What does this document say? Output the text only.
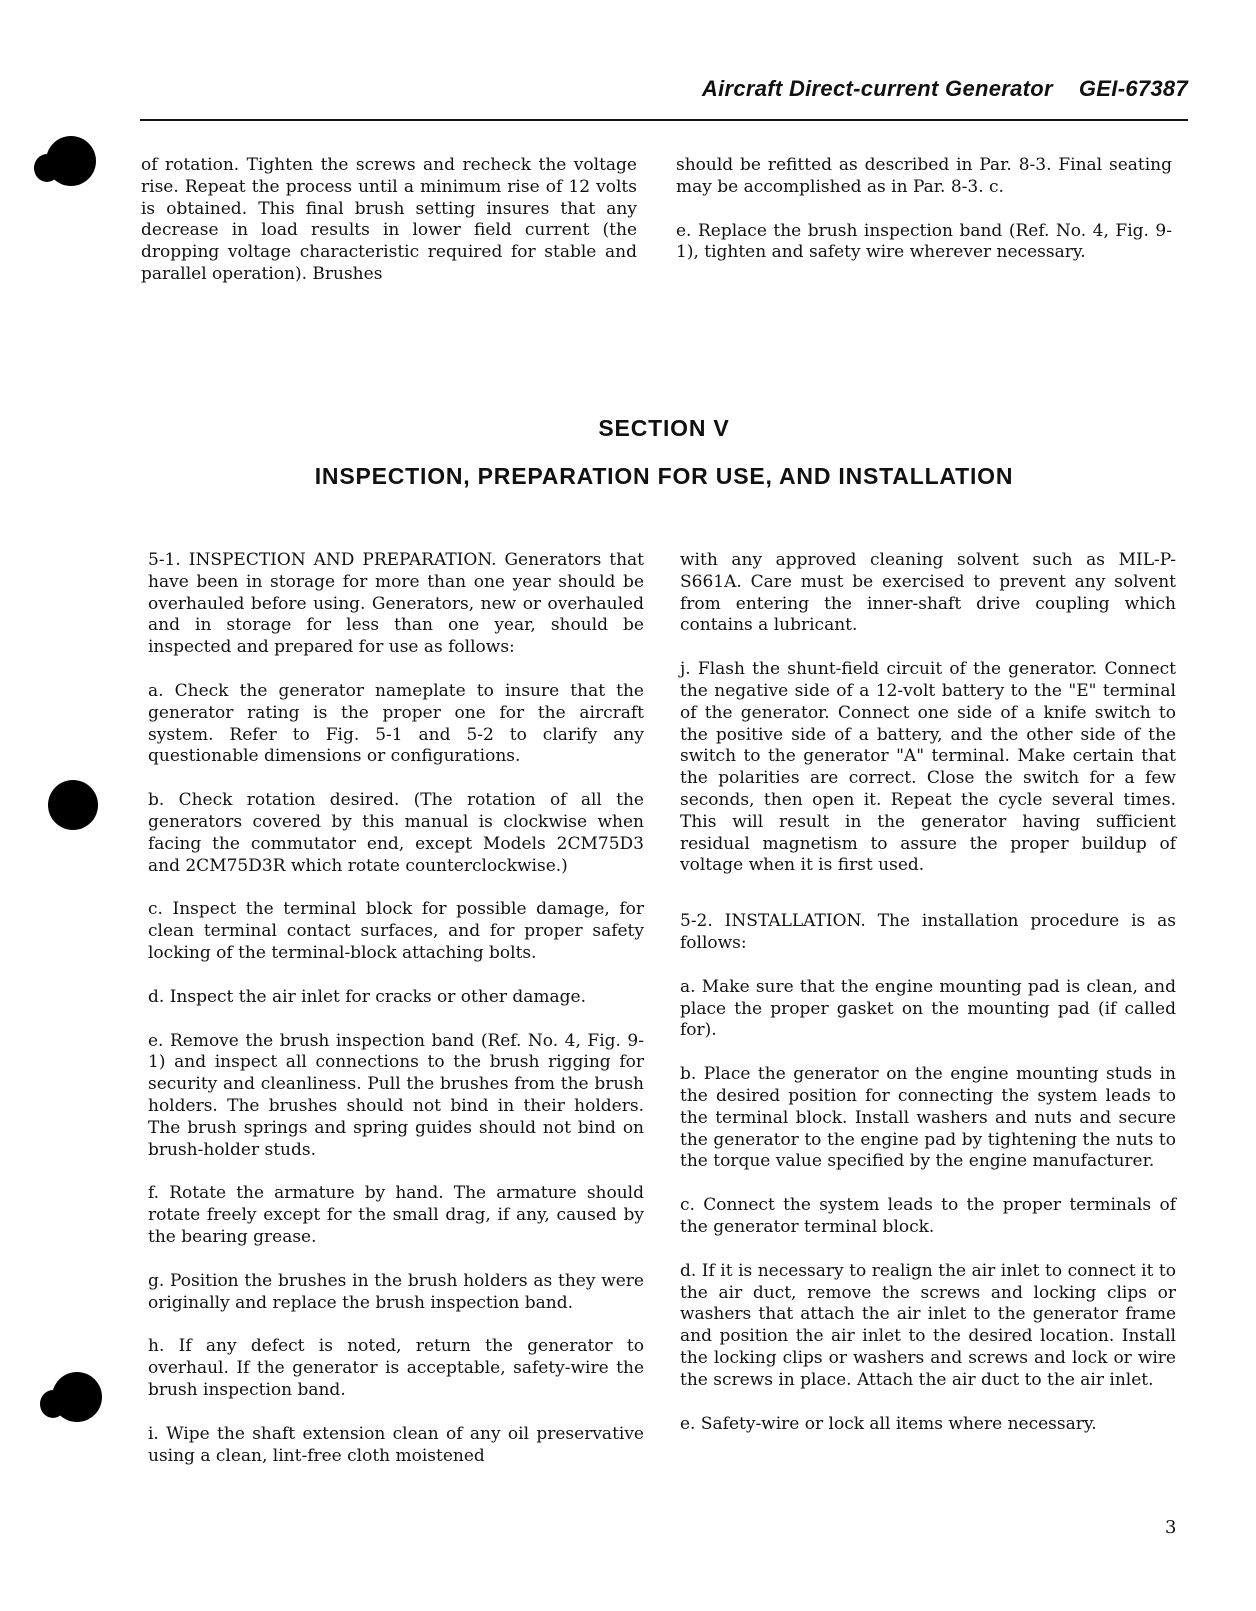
Aircraft Direct-current Generator GEI-67387

of rotation. Tighten the screws and recheck the voltage rise. Repeat the process until a minimum rise of 12 volts is obtained. This final brush setting insures that any decrease in load results in lower field current (the dropping voltage characteristic required for stable and parallel operation). Brushes

should be refitted as described in Par. 8-3. Final seating may be accomplished as in Par. 8-3. c.

e. Replace the brush inspection band (Ref. No. 4, Fig. 9-1), tighten and safety wire wherever necessary.

SECTION V
INSPECTION, PREPARATION FOR USE, AND INSTALLATION

5-1. INSPECTION AND PREPARATION. Generators that have been in storage for more than one year should be overhauled before using. Generators, new or overhauled and in storage for less than one year, should be inspected and prepared for use as follows:

a. Check the generator nameplate to insure that the generator rating is the proper one for the aircraft system. Refer to Fig. 5-1 and 5-2 to clarify any questionable dimensions or configurations.

b. Check rotation desired. (The rotation of all the generators covered by this manual is clockwise when facing the commutator end, except Models 2CM75D3 and 2CM75D3R which rotate counterclockwise.)

c. Inspect the terminal block for possible damage, for clean terminal contact surfaces, and for proper safety locking of the terminal-block attaching bolts.

d. Inspect the air inlet for cracks or other damage.

e. Remove the brush inspection band (Ref. No. 4, Fig. 9-1) and inspect all connections to the brush rigging for security and cleanliness. Pull the brushes from the brush holders. The brushes should not bind in their holders. The brush springs and spring guides should not bind on brush-holder studs.

f. Rotate the armature by hand. The armature should rotate freely except for the small drag, if any, caused by the bearing grease.

g. Position the brushes in the brush holders as they were originally and replace the brush inspection band.

h. If any defect is noted, return the generator to overhaul. If the generator is acceptable, safety-wire the brush inspection band.

i. Wipe the shaft extension clean of any oil preservative using a clean, lint-free cloth moistened

with any approved cleaning solvent such as MIL-P-S661A. Care must be exercised to prevent any solvent from entering the inner-shaft drive coupling which contains a lubricant.

j. Flash the shunt-field circuit of the generator. Connect the negative side of a 12-volt battery to the "E" terminal of the generator. Connect one side of a knife switch to the positive side of a battery, and the other side of the switch to the generator "A" terminal. Make certain that the polarities are correct. Close the switch for a few seconds, then open it. Repeat the cycle several times. This will result in the generator having sufficient residual magnetism to assure the proper buildup of voltage when it is first used.

5-2. INSTALLATION. The installation procedure is as follows:

a. Make sure that the engine mounting pad is clean, and place the proper gasket on the mounting pad (if called for).

b. Place the generator on the engine mounting studs in the desired position for connecting the system leads to the terminal block. Install washers and nuts and secure the generator to the engine pad by tightening the nuts to the torque value specified by the engine manufacturer.

c. Connect the system leads to the proper terminals of the generator terminal block.

d. If it is necessary to realign the air inlet to connect it to the air duct, remove the screws and locking clips or washers that attach the air inlet to the generator frame and position the air inlet to the desired location. Install the locking clips or washers and screws and lock or wire the screws in place. Attach the air duct to the air inlet.

e. Safety-wire or lock all items where necessary.

3
